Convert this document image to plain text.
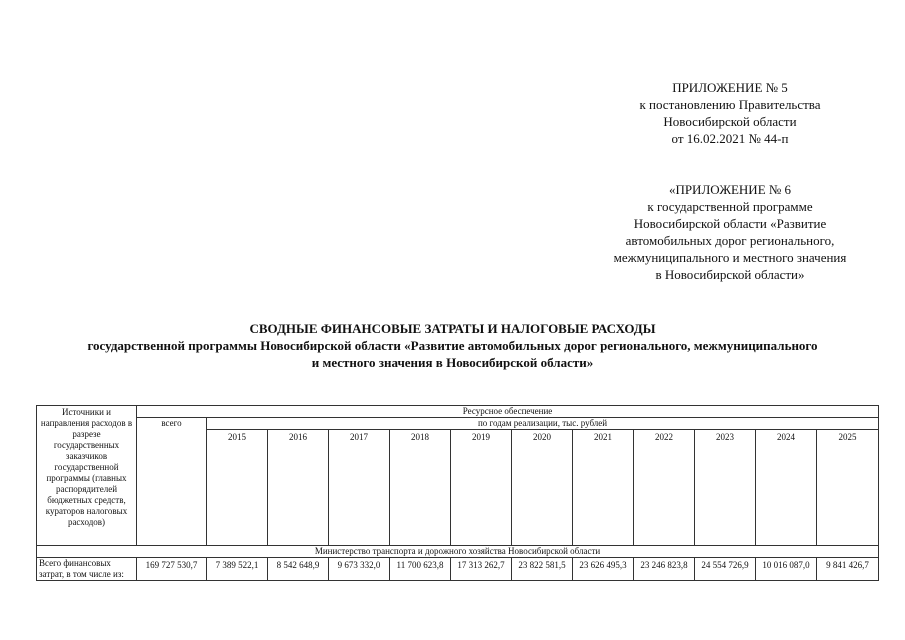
ПРИЛОЖЕНИЕ № 5
к постановлению Правительства
Новосибирской области
от 16.02.2021 № 44-п
«ПРИЛОЖЕНИЕ № 6
к государственной программе
Новосибирской области «Развитие
автомобильных дорог регионального,
межмуниципального и местного значения
в Новосибирской области»
СВОДНЫЕ ФИНАНСОВЫЕ ЗАТРАТЫ И НАЛОГОВЫЕ РАСХОДЫ
государственной программы Новосибирской области «Развитие автомобильных дорог регионального, межмуниципального
и местного значения в Новосибирской области»
Источники и направления расходов в разрезе государственных заказчиков государственной программы (главных распорядителей бюджетных средств, кураторов налоговых расходов)	Ресурсное обеспечение											
	всего	по годам реализации, тыс. рублей										
		2015	2016	2017	2018	2019	2020	2021	2022	2023	2024	2025
Министерство транспорта и дорожного хозяйства Новосибирской области												
Всего финансовых затрат, в том числе из:	169 727 530,7	7 389 522,1	8 542 648,9	9 673 332,0	11 700 623,8	17 313 262,7	23 822 581,5	23 626 495,3	23 246 823,8	24 554 726,9	10 016 087,0	9 841 426,7
